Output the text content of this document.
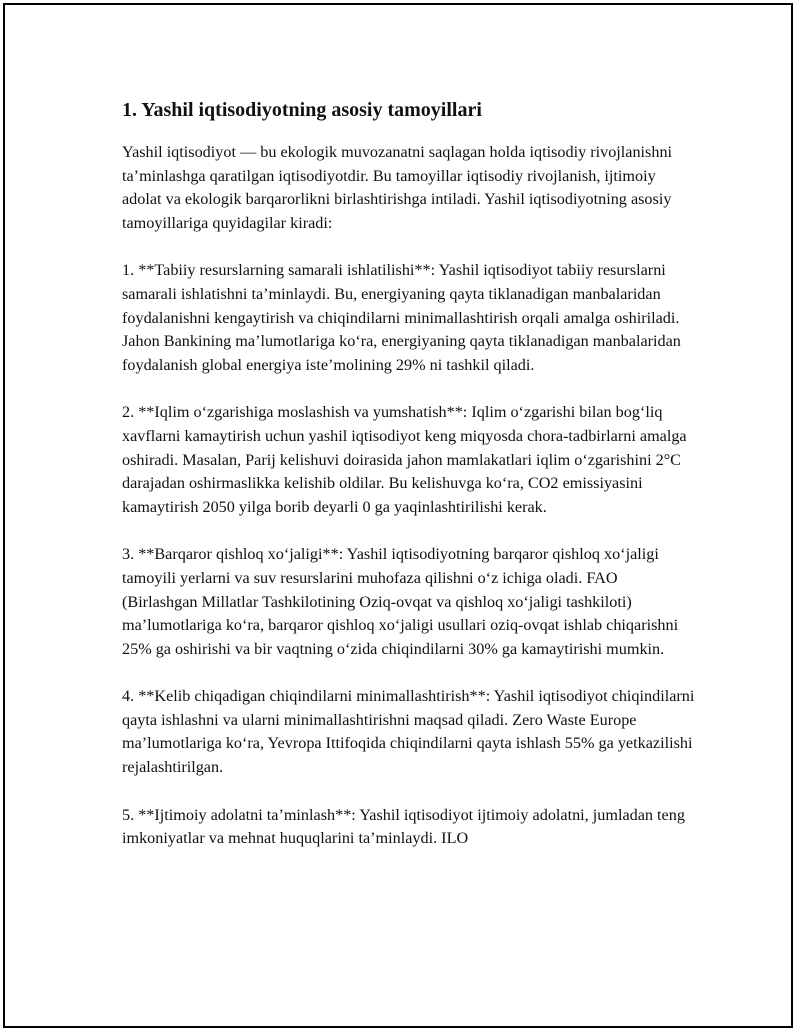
1. Yashil iqtisodiyotning asosiy tamoyillari

Yashil iqtisodiyot — bu ekologik muvozanatni saqlagan holda iqtisodiy rivojlanishni ta’minlashga qaratilgan iqtisodiyotdir. Bu tamoyillar iqtisodiy rivojlanish, ijtimoiy adolat va ekologik barqarorlikni birlashtirishga intiladi. Yashil iqtisodiyotning asosiy tamoyillariga quyidagilar kiradi:

1. **Tabiiy resurslarning samarali ishlatilishi**: Yashil iqtisodiyot tabiiy resurslarni samarali ishlatishni ta’minlaydi. Bu, energiyaning qayta tiklanadigan manbalaridan foydalanishni kengaytirish va chiqindilarni minimallashtirish orqali amalga oshiriladi. Jahon Bankining ma’lumotlariga ko‘ra, energiyaning qayta tiklanadigan manbalaridan foydalanish global energiya iste’molining 29% ni tashkil qiladi.

2. **Iqlim o‘zgarishiga moslashish va yumshatish**: Iqlim o‘zgarishi bilan bog‘liq xavflarni kamaytirish uchun yashil iqtisodiyot keng miqyosda chora-tadbirlarni amalga oshiradi. Masalan, Parij kelishuvi doirasida jahon mamlakatlari iqlim o‘zgarishini 2°C darajadan oshirmaslikka kelishib oldilar. Bu kelishuvga ko‘ra, CO2 emissiyasini kamaytirish 2050 yilga borib deyarli 0 ga yaqinlashtirilishi kerak.

3. **Barqaror qishloq xo‘jaligi**: Yashil iqtisodiyotning barqaror qishloq xo‘jaligi tamoyili yerlarni va suv resurslarini muhofaza qilishni o‘z ichiga oladi. FAO (Birlashgan Millatlar Tashkilotining Oziq-ovqat va qishloq xo‘jaligi tashkiloti) ma’lumotlariga ko‘ra, barqaror qishloq xo‘jaligi usullari oziq-ovqat ishlab chiqarishni 25% ga oshirishi va bir vaqtning o‘zida chiqindilarni 30% ga kamaytirishi mumkin.

4. **Kelib chiqadigan chiqindilarni minimallashtirish**: Yashil iqtisodiyot chiqindilarni qayta ishlashni va ularni minimallashtirishni maqsad qiladi. Zero Waste Europe ma’lumotlariga ko‘ra, Yevropa Ittifoqida chiqindilarni qayta ishlash 55% ga yetkazilishi rejalashtirilgan.

5. **Ijtimoiy adolatni ta’minlash**: Yashil iqtisodiyot ijtimoiy adolatni, jumladan teng imkoniyatlar va mehnat huquqlarini ta’minlaydi. ILO
